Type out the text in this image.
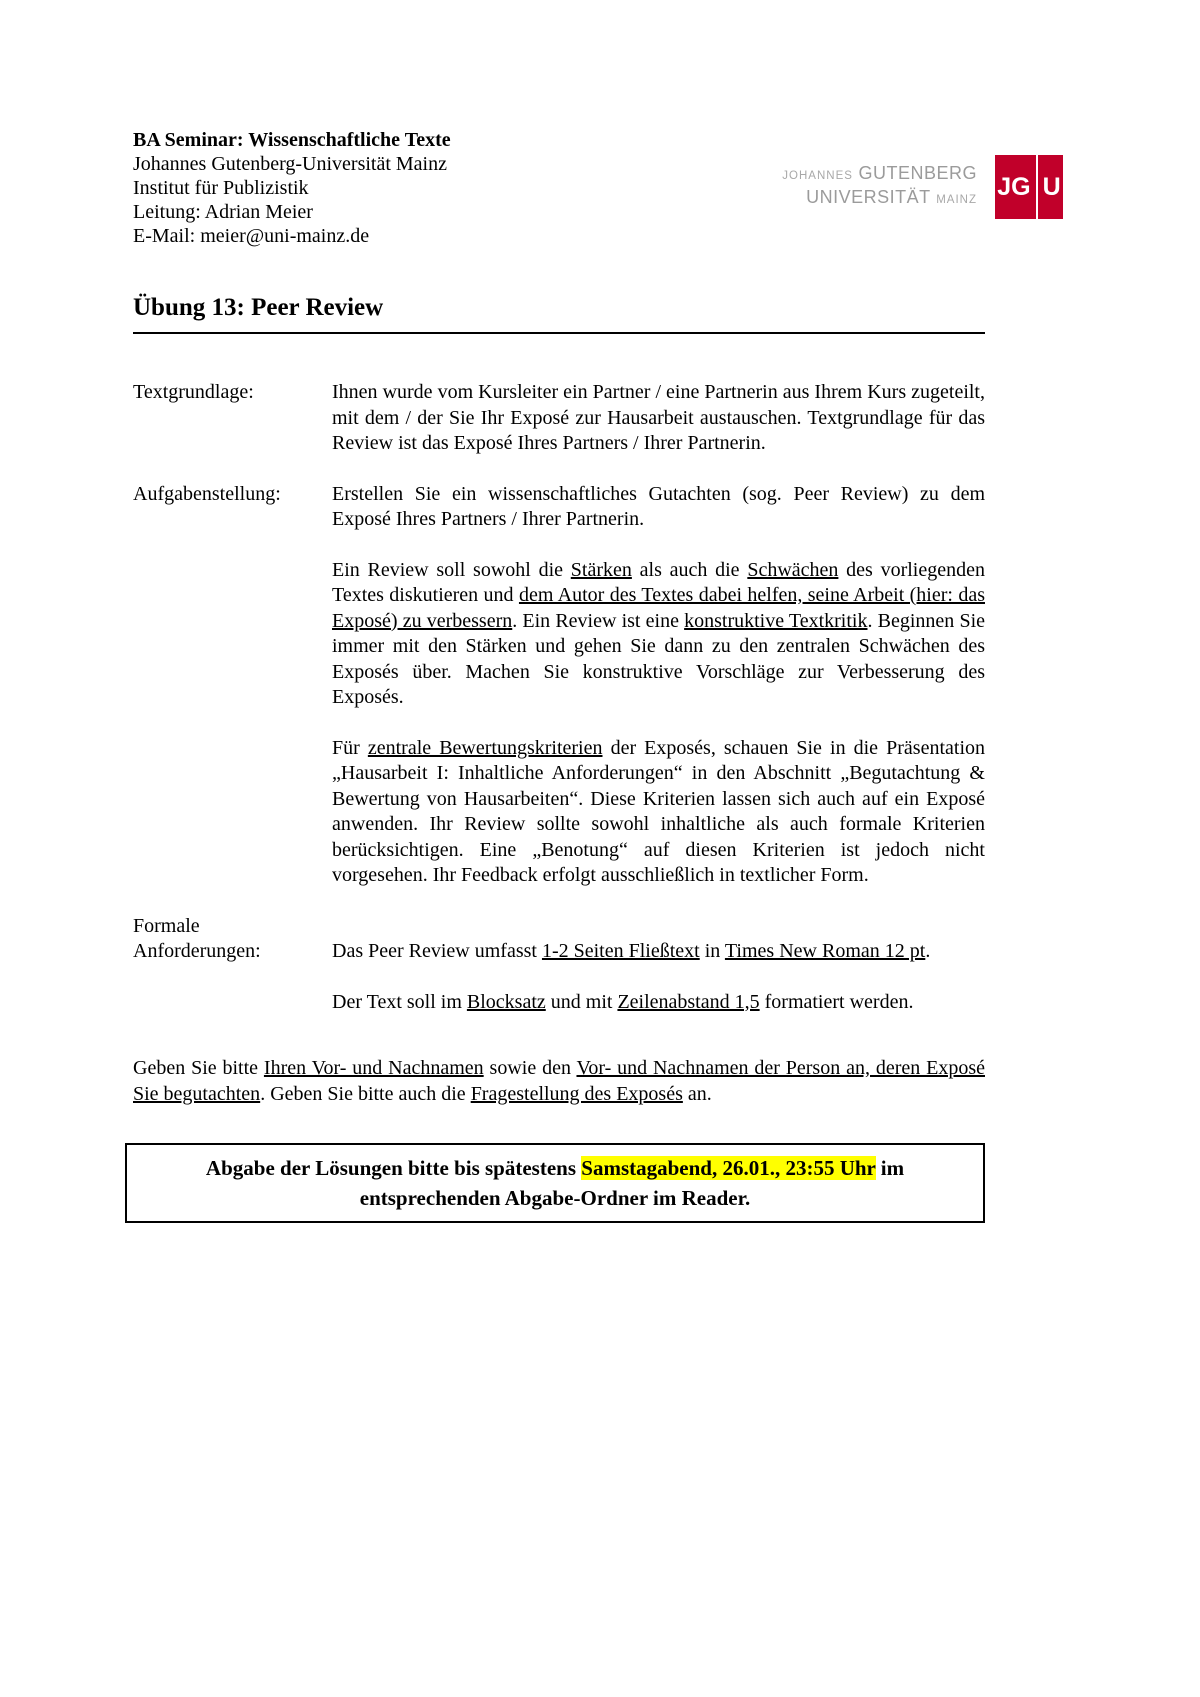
JOHANNES GUTENBERG
UNIVERSITÄT MAINZ JG U

BA Seminar: Wissenschaftliche Texte

Johannes Gutenberg-Universität Mainz

Institut für Publizistik

Leitung: Adrian Meier

E-Mail: meier@uni-mainz.de

Übung 13: Peer Review
Textgrundlage:	Ihnen wurde vom Kursleiter ein Partner / eine Partnerin aus Ihrem Kurs zugeteilt, mit dem / der Sie Ihr Exposé zur Hausarbeit austauschen. Textgrundlage für das Review ist das Exposé Ihres Partners / Ihrer Partnerin.

Aufgabenstellung:	Erstellen Sie ein wissenschaftliches Gutachten (sog. Peer Review) zu dem Exposé Ihres Partners / Ihrer Partnerin.

Ein Review soll sowohl die Stärken als auch die Schwächen des vorliegenden Textes diskutieren und dem Autor des Textes dabei helfen, seine Arbeit (hier: das Exposé) zu verbessern. Ein Review ist eine konstruktive Textkritik. Beginnen Sie immer mit den Stärken und gehen Sie dann zu den zentralen Schwächen des Exposés über. Machen Sie konstruktive Vorschläge zur Verbesserung des Exposés.

Für zentrale Bewertungskriterien der Exposés, schauen Sie in die Präsentation „Hausarbeit I: Inhaltliche Anforderungen“ in den Abschnitt „Begutachtung & Bewertung von Hausarbeiten“. Diese Kriterien lassen sich auch auf ein Exposé anwenden. Ihr Review sollte sowohl inhaltliche als auch formale Kriterien berücksichtigen. Eine „Benotung“ auf diesen Kriterien ist jedoch nicht vorgesehen. Ihr Feedback erfolgt ausschließlich in textlicher Form.

Formale
Anforderungen:	Das Peer Review umfasst 1-2 Seiten Fließtext in Times New Roman 12 pt.

Der Text soll im Blocksatz und mit Zeilenabstand 1,5 formatiert werden.

Geben Sie bitte Ihren Vor- und Nachnamen sowie den Vor- und Nachnamen der Person an, deren Exposé Sie begutachten. Geben Sie bitte auch die Fragestellung des Exposés an.

Abgabe der Lösungen bitte bis spätestens Samstagabend, 26.01., 23:55 Uhr im entsprechenden Abgabe-Ordner im Reader.
